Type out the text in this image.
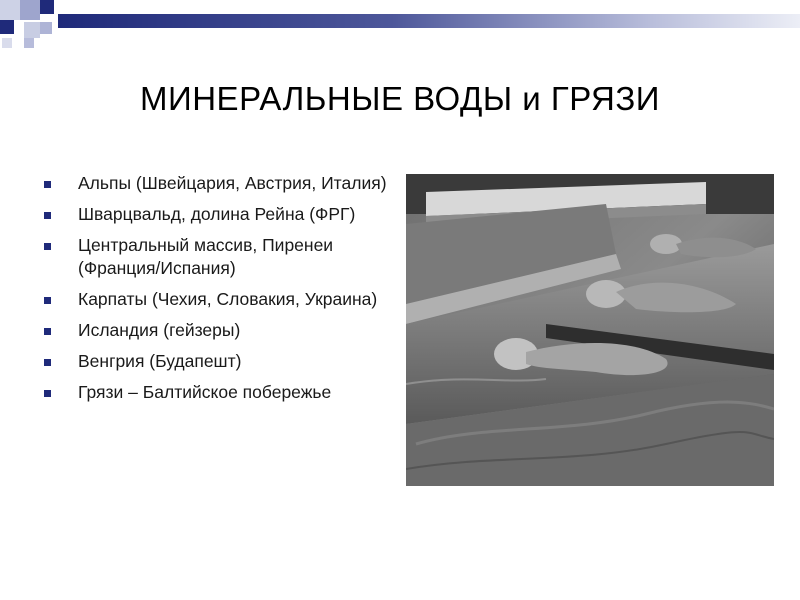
МИНЕРАЛЬНЫЕ ВОДЫ и ГРЯЗИ
Альпы (Швейцария, Австрия, Италия)
Шварцвальд, долина Рейна (ФРГ)
Центральный массив, Пиренеи (Франция/Испания)
Карпаты (Чехия, Словакия, Украина)
Исландия (гейзеры)
Венгрия (Будапешт)
Грязи – Балтийское побережье
